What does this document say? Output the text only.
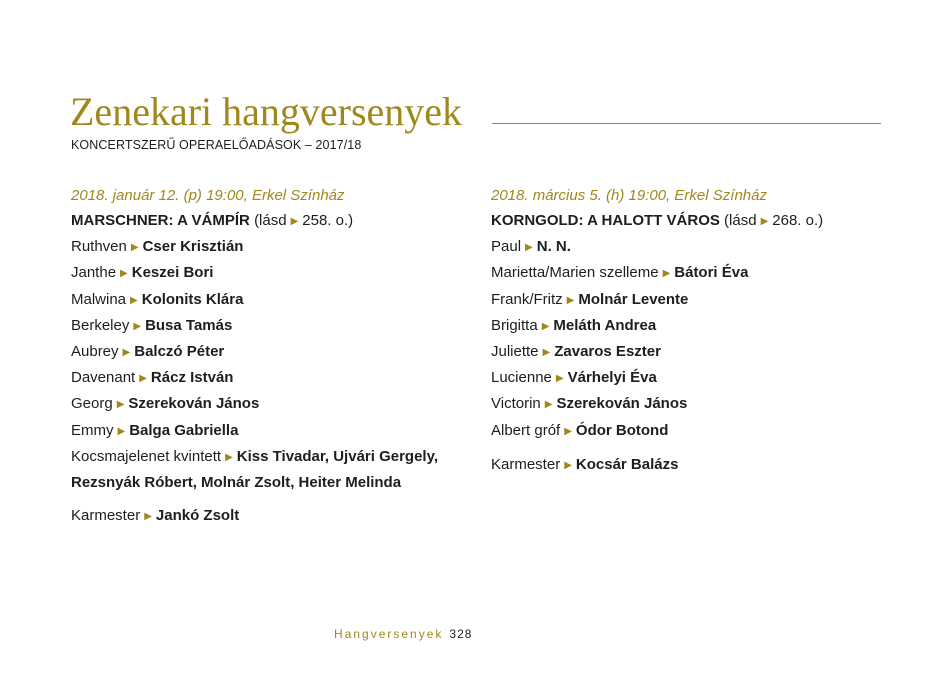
Zenekari hangversenyek
KONCERTSZERŰ OPERAELŐADÁSOK – 2017/18
2018. január 12. (p) 19:00, Erkel Színház
MARSCHNER: A VÁMPÍR (lásd ▶ 258. o.)
Ruthven ▶ Cser Krisztián
Janthe ▶ Keszei Bori
Malwina ▶ Kolonits Klára
Berkeley ▶ Busa Tamás
Aubrey ▶ Balczó Péter
Davenant ▶ Rácz István
Georg ▶ Szerekován János
Emmy ▶ Balga Gabriella
Kocsmajelenet kvintett ▶ Kiss Tivadar, Ujvári Gergely,
Rezsnyák Róbert, Molnár Zsolt, Heiter Melinda
Karmester ▶ Jankó Zsolt
2018. március 5. (h) 19:00, Erkel Színház
KORNGOLD: A HALOTT VÁROS (lásd ▶ 268. o.)
Paul ▶ N. N.
Marietta/Marien szelleme ▶ Bátori Éva
Frank/Fritz ▶ Molnár Levente
Brigitta ▶ Meláth Andrea
Juliette ▶ Zavaros Eszter
Lucienne ▶ Várhelyi Éva
Victorin ▶ Szerekován János
Albert gróf ▶ Ódor Botond
Karmester ▶ Kocsár Balázs
Hangversenyek 328
